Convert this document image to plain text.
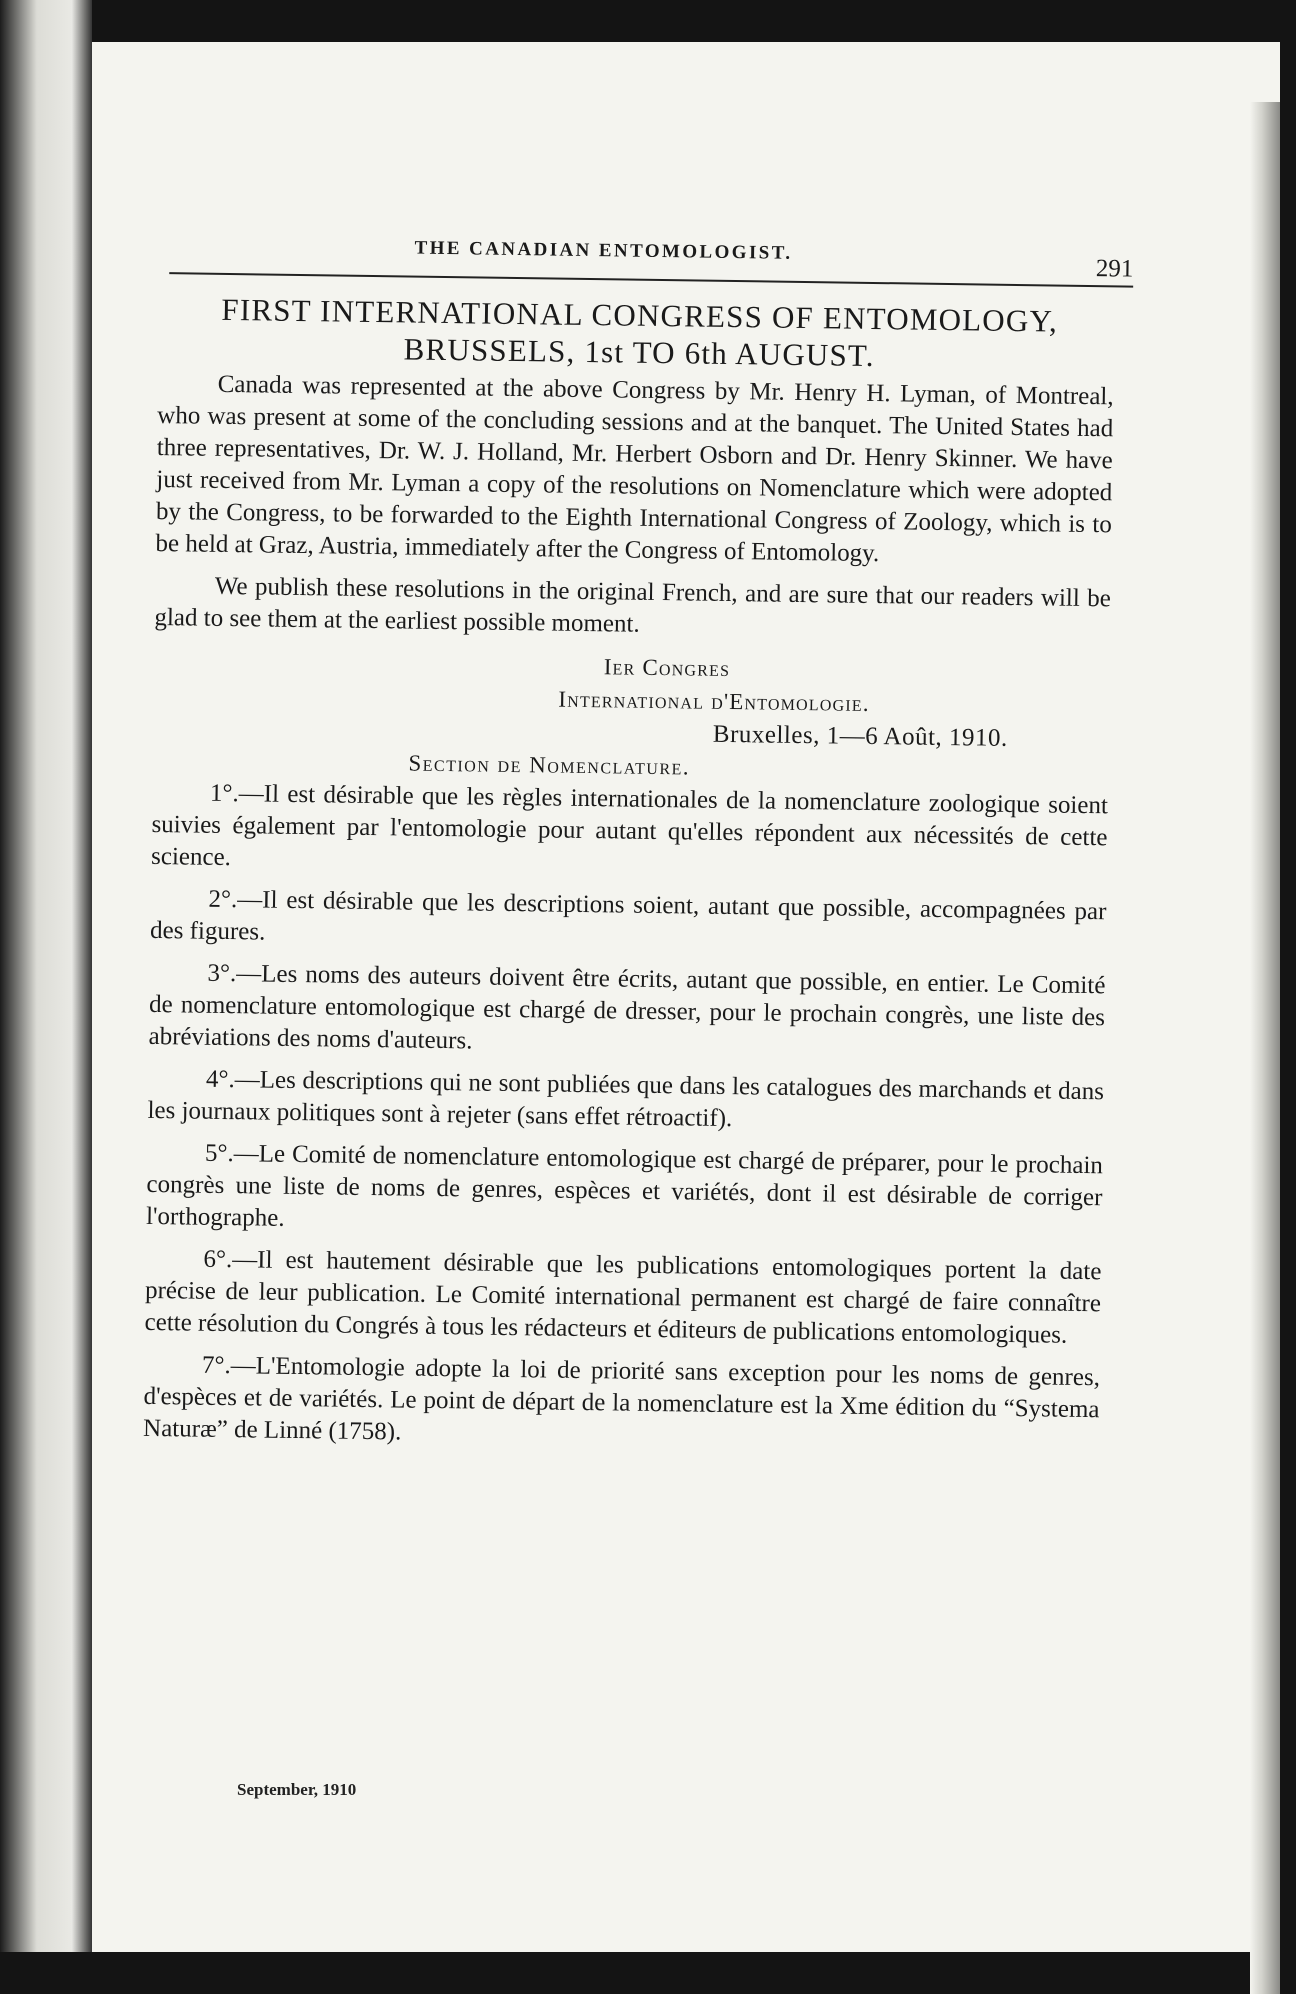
THE CANADIAN ENTOMOLOGIST.
291
FIRST INTERNATIONAL CONGRESS OF ENTOMOLOGY,
BRUSSELS, 1st TO 6th AUGUST.

Canada was represented at the above Congress by Mr. Henry H. Lyman, of Montreal, who was present at some of the concluding sessions and at the banquet. The United States had three representatives, Dr. W. J. Holland, Mr. Herbert Osborn and Dr. Henry Skinner. We have just received from Mr. Lyman a copy of the resolutions on Nomenclature which were adopted by the Congress, to be forwarded to the Eighth International Congress of Zoology, which is to be held at Graz, Austria, immediately after the Congress of Entomology.

We publish these resolutions in the original French, and are sure that our readers will be glad to see them at the earliest possible moment.

Ier Congres
International d'Entomologie.
Bruxelles, 1—6 Août, 1910.
Section de Nomenclature.

1°.—Il est désirable que les règles internationales de la nomenclature zoologique soient suivies également par l'entomologie pour autant qu'elles répondent aux nécessités de cette science.

2°.—Il est désirable que les descriptions soient, autant que possible, accompagnées par des figures.

3°.—Les noms des auteurs doivent être écrits, autant que possible, en entier. Le Comité de nomenclature entomologique est chargé de dresser, pour le prochain congrès, une liste des abréviations des noms d'auteurs.

4°.—Les descriptions qui ne sont publiées que dans les catalogues des marchands et dans les journaux politiques sont à rejeter (sans effet rétroactif).

5°.—Le Comité de nomenclature entomologique est chargé de préparer, pour le prochain congrès une liste de noms de genres, espèces et variétés, dont il est désirable de corriger l'orthographe.

6°.—Il est hautement désirable que les publications entomologiques portent la date précise de leur publication. Le Comité international permanent est chargé de faire connaître cette résolution du Congrés à tous les rédacteurs et éditeurs de publications entomologiques.

7°.—L'Entomologie adopte la loi de priorité sans exception pour les noms de genres, d'espèces et de variétés. Le point de départ de la nomenclature est la Xme édition du “Systema Naturæ” de Linné (1758).

September, 1910
